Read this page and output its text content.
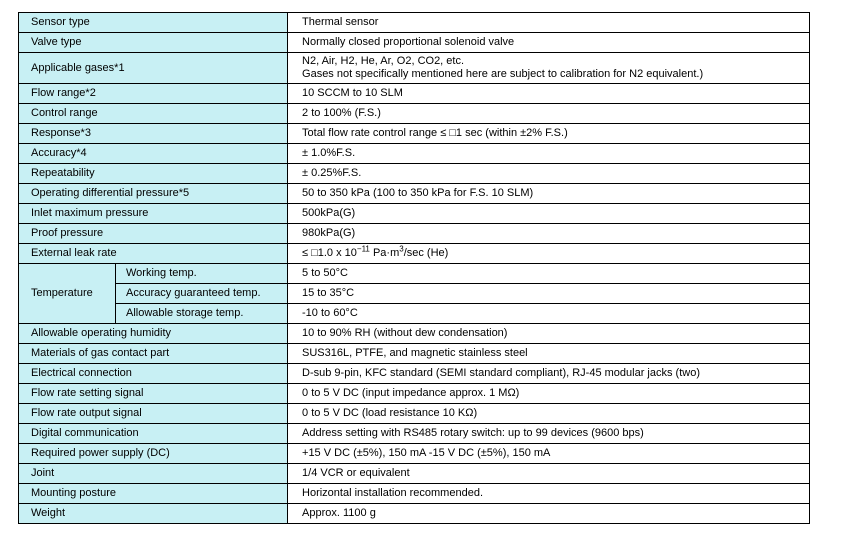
Sensor type		Thermal sensor
Valve type		Normally closed proportional solenoid valve
Applicable gases*1		N2, Air, H2, He, Ar, O2, CO2, etc.
Gases not specifically mentioned here are subject to calibration for N2 equivalent.)

Flow range*2		10 SCCM to 10 SLM
Control range		2 to 100% (F.S.)
Response*3		Total flow rate control range ≤ □1 sec (within ±2% F.S.)
Accuracy*4		± 1.0%F.S.
Repeatability		± 0.25%F.S.
Operating differential pressure*5		50 to 350 kPa (100 to 350 kPa for F.S. 10 SLM)
Inlet maximum pressure		500kPa(G)
Proof pressure		980kPa(G)
External leak rate		≤ □1.0 x $10^{-11}$ $Pa\cdot m^3/\sec$ (He)
Temperature	Working temp.	5 to 50°C
	Accuracy guaranteed temp.	15 to 35°C
	Allowable storage temp.	-10 to 60°C
Allowable operating humidity		10 to 90% RH (without dew condensation)
Materials of gas contact part		SUS316L, PTFE, and magnetic stainless steel
Electrical connection		D-sub 9-pin, KFC standard (SEMI standard compliant), RJ-45 modular jacks (two)
Flow rate setting signal		0 to 5 V DC (input impedance approx. 1 MΩ)
Flow rate output signal		0 to 5 V DC (load resistance 10 KΩ)
Digital communication		Address setting with RS485 rotary switch: up to 99 devices (9600 bps)
Required power supply (DC)		+15 V DC (±5%), 150 mA -15 V DC (±5%), 150 mA
Joint		1/4 VCR or equivalent
Mounting posture		Horizontal installation recommended.
Weight		Approx. 1100 g
